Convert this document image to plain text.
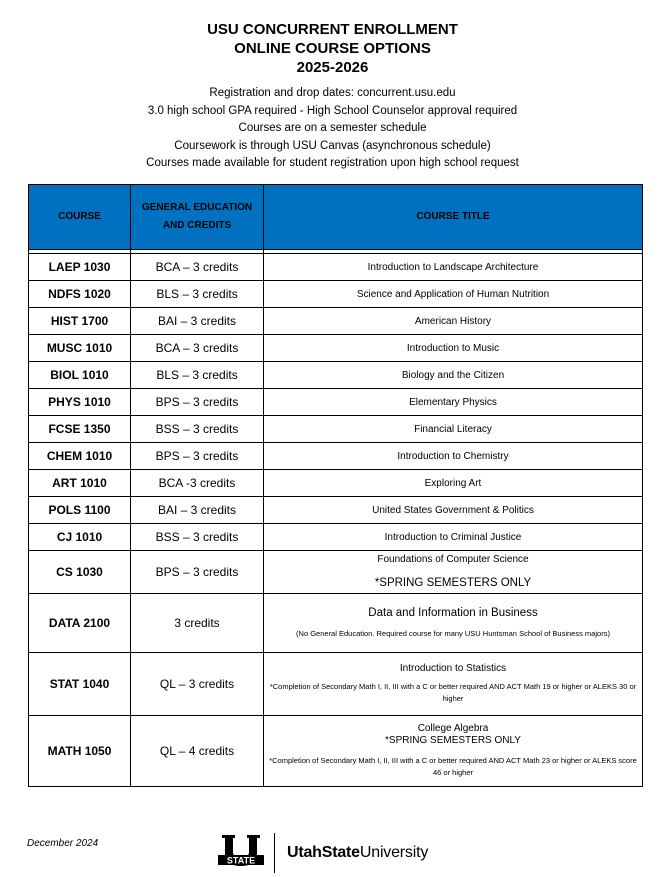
USU CONCURRENT ENROLLMENT
ONLINE COURSE OPTIONS
2025-2026
Registration and drop dates: concurrent.usu.edu
3.0 high school GPA required - High School Counselor approval required
Courses are on a semester schedule
Coursework is through USU Canvas (asynchronous schedule)
Courses made available for student registration upon high school request
COURSE	GENERAL EDUCATION AND CREDITS	COURSE TITLE

LAEP 1030	BCA – 3 credits	Introduction to Landscape Architecture
NDFS 1020	BLS – 3 credits	Science and Application of Human Nutrition
HIST 1700	BAI – 3 credits	American History
MUSC 1010	BCA – 3 credits	Introduction to Music
BIOL 1010	BLS – 3 credits	Biology and the Citizen
PHYS 1010	BPS – 3 credits	Elementary Physics
FCSE 1350	BSS – 3 credits	Financial Literacy
CHEM 1010	BPS – 3 credits	Introduction to Chemistry
ART 1010	BCA -3 credits	Exploring Art
POLS 1100	BAI – 3 credits	United States Government & Politics
CJ 1010	BSS – 3 credits	Introduction to Criminal Justice
CS 1030	BPS – 3 credits	Foundations of Computer Science
*SPRING SEMESTERS ONLY

DATA 2100	3 credits	Data and Information in Business
(No General Education. Required course for many USU Huntsman School of Business majors)

STAT 1040	QL – 3 credits	Introduction to Statistics
*Completion of Secondary Math I, II, III with a C or better required AND ACT Math 19 or higher or ALEKS 30 or higher

MATH 1050	QL – 4 credits	College Algebra
*SPRING SEMESTERS ONLY
*Completion of Secondary Math I, II, III with a C or better required AND ACT Math 23 or higher or ALEKS score 46 or higher
December 2024
STATE UtahStateUniversity
